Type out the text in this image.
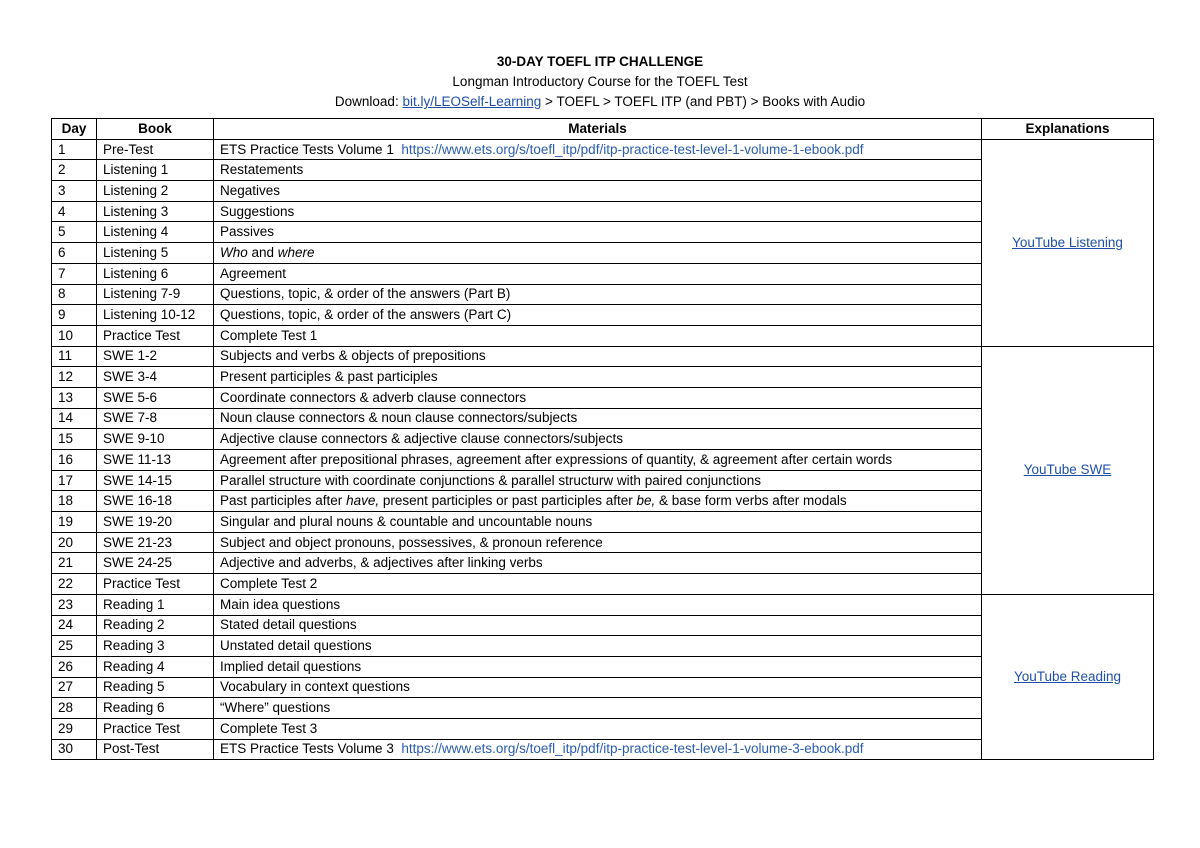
30-DAY TOEFL ITP CHALLENGE
Longman Introductory Course for the TOEFL Test
Download: bit.ly/LEOSelf-Learning > TOEFL > TOEFL ITP (and PBT) > Books with Audio
Day	Book	Materials	Explanations
1	Pre-Test	ETS Practice Tests Volume 1 https://www.ets.org/s/toefl_itp/pdf/itp-practice-test-level-1-volume-1-ebook.pdf	YouTube Listening
2	Listening 1	Restatements	
3	Listening 2	Negatives	
4	Listening 3	Suggestions	
5	Listening 4	Passives	
6	Listening 5	Who and where	
7	Listening 6	Agreement	
8	Listening 7-9	Questions, topic, & order of the answers (Part B)	
9	Listening 10-12	Questions, topic, & order of the answers (Part C)	
10	Practice Test	Complete Test 1	
11	SWE 1-2	Subjects and verbs & objects of prepositions	YouTube SWE
12	SWE 3-4	Present participles & past participles	
13	SWE 5-6	Coordinate connectors & adverb clause connectors	
14	SWE 7-8	Noun clause connectors & noun clause connectors/subjects	
15	SWE 9-10	Adjective clause connectors & adjective clause connectors/subjects	
16	SWE 11-13	Agreement after prepositional phrases, agreement after expressions of quantity, & agreement after certain words	
17	SWE 14-15	Parallel structure with coordinate conjunctions & parallel structurw with paired conjunctions	
18	SWE 16-18	Past participles after have, present participles or past participles after be, & base form verbs after modals	
19	SWE 19-20	Singular and plural nouns & countable and uncountable nouns	
20	SWE 21-23	Subject and object pronouns, possessives, & pronoun reference	
21	SWE 24-25	Adjective and adverbs, & adjectives after linking verbs	
22	Practice Test	Complete Test 2	
23	Reading 1	Main idea questions	YouTube Reading
24	Reading 2	Stated detail questions	
25	Reading 3	Unstated detail questions	
26	Reading 4	Implied detail questions	
27	Reading 5	Vocabulary in context questions	
28	Reading 6	“Where” questions	
29	Practice Test	Complete Test 3	
30	Post-Test	ETS Practice Tests Volume 3 https://www.ets.org/s/toefl_itp/pdf/itp-practice-test-level-1-volume-3-ebook.pdf	
